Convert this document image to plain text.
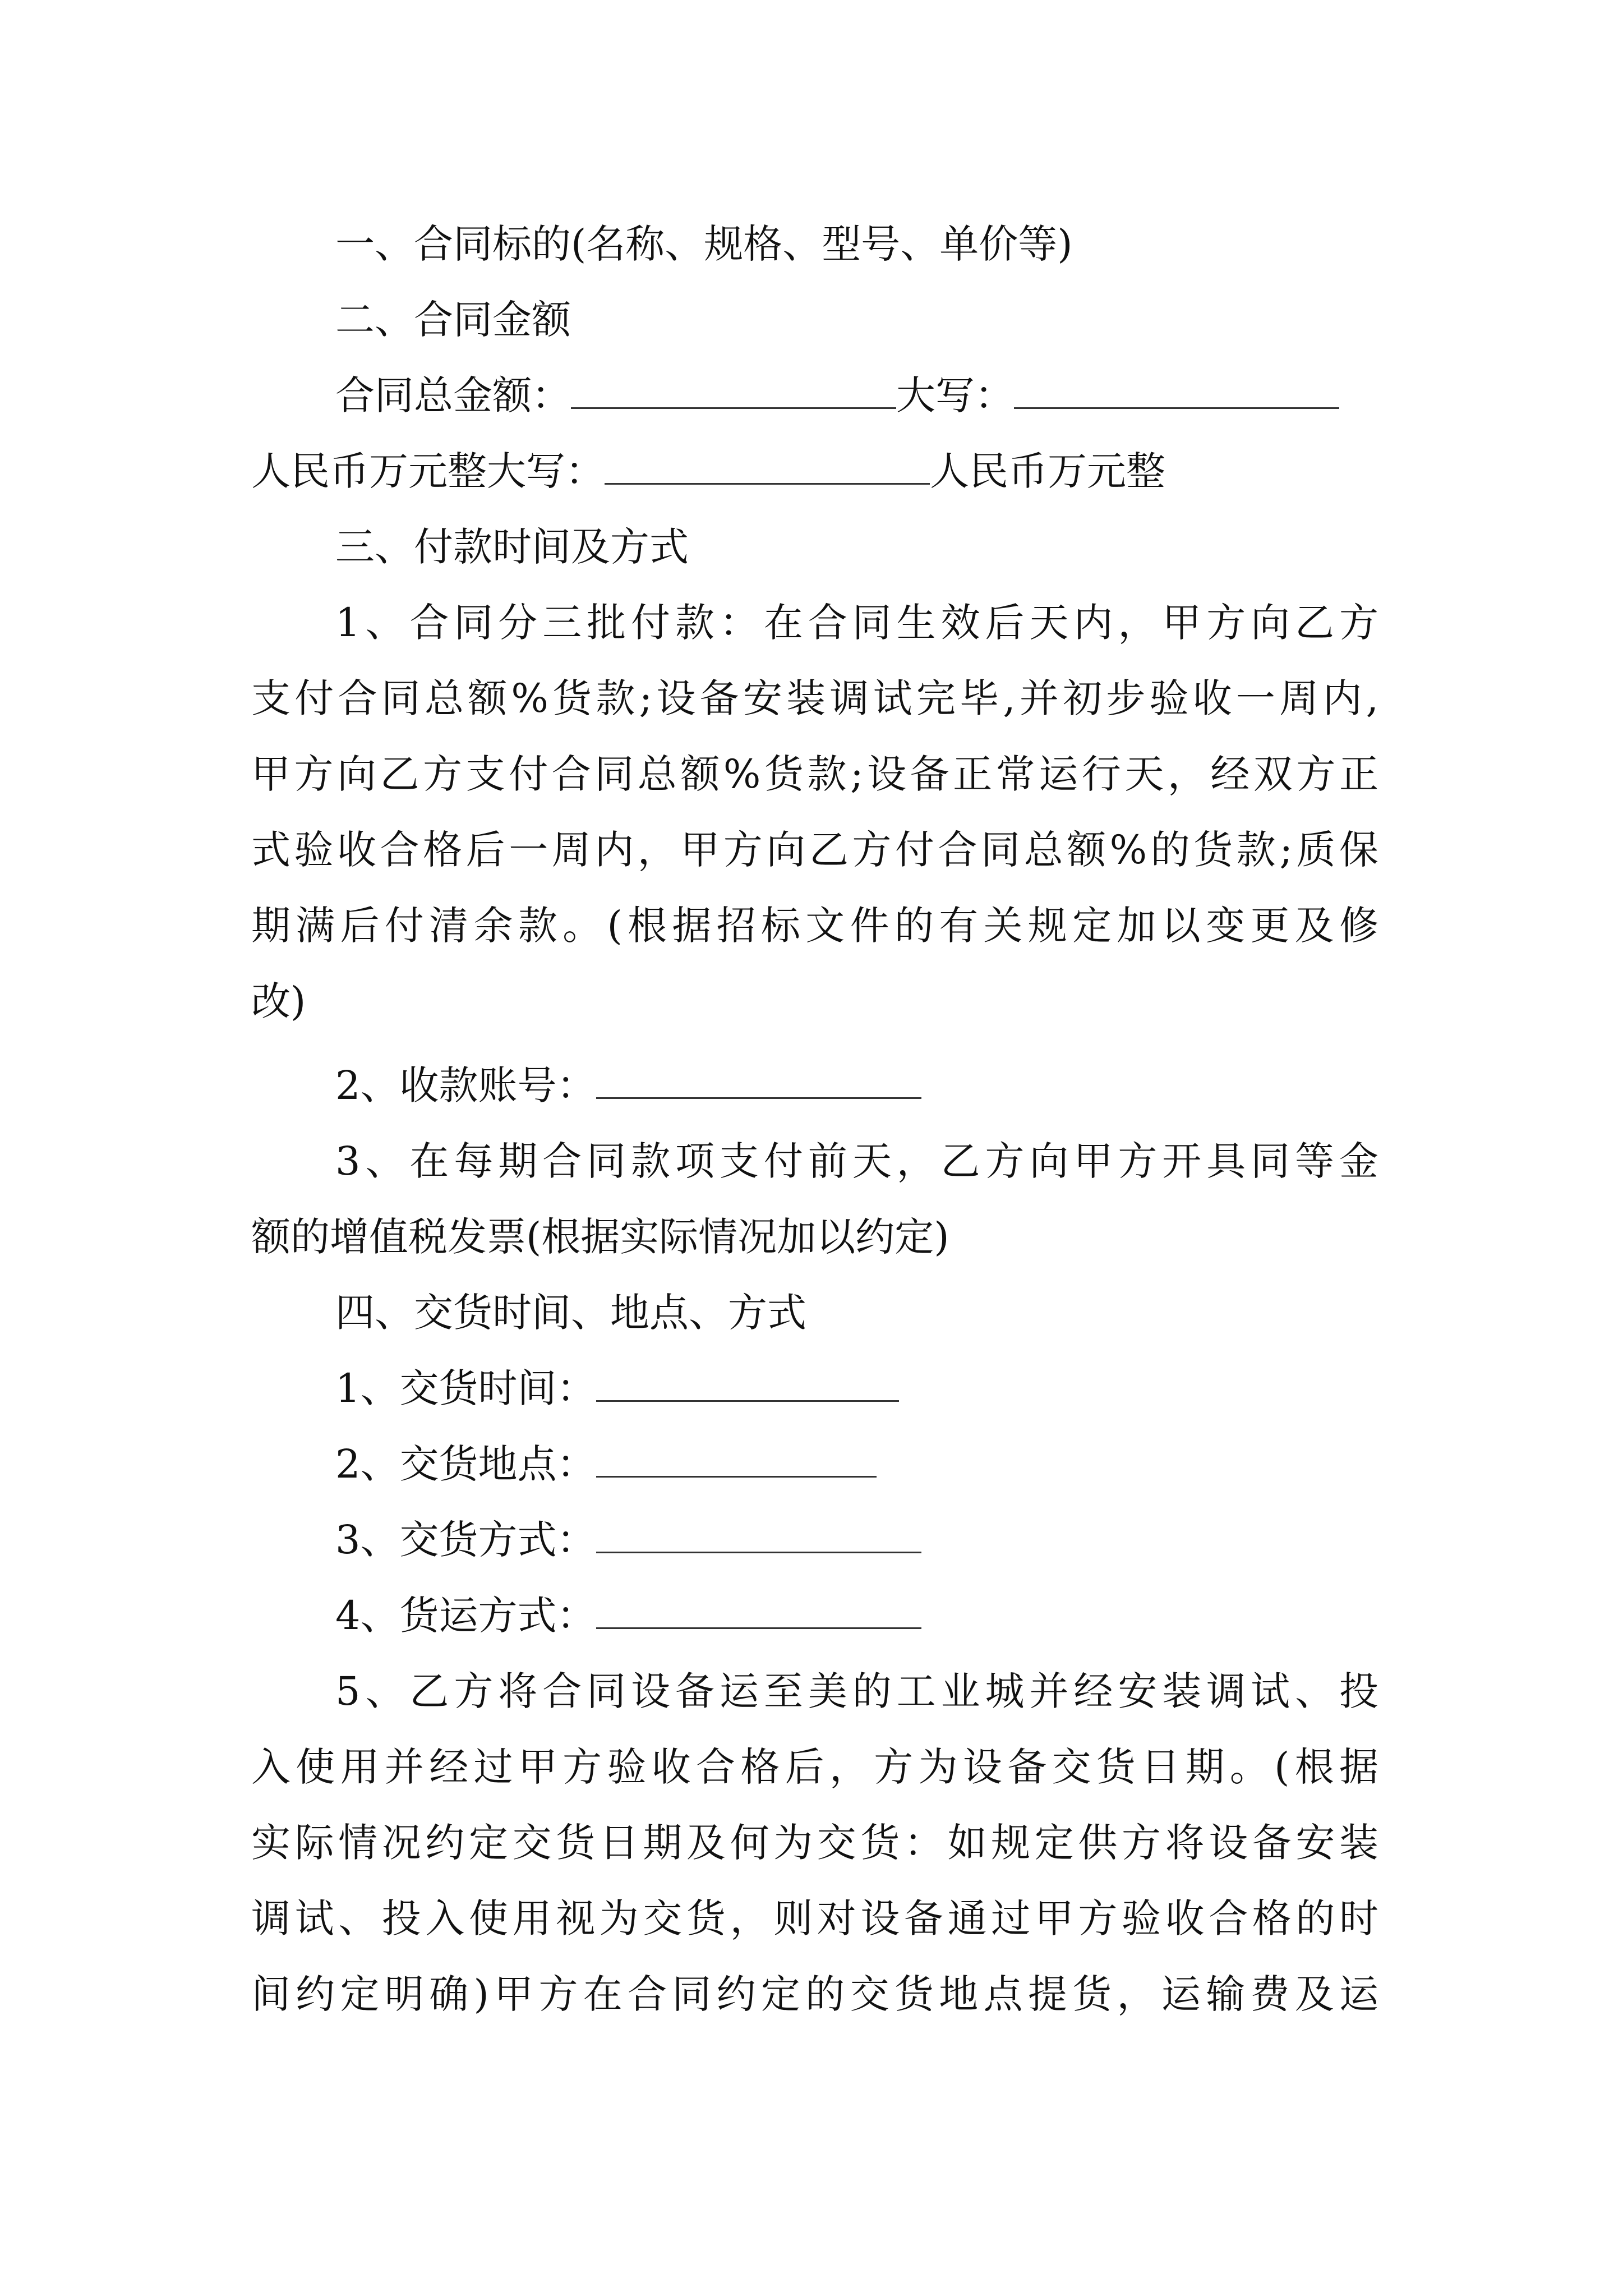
一、合同标的(名称、规格、型号、单价等)
二、合同金额
合同总金额：	大写：
人民币万元整大写：	人民币万元整
三、付款时间及方式
1、合同分三批付款：在合同生效后天内，甲方向乙方
支付合同总额%货款;设备安装调试完毕,并初步验收一周内,
甲方向乙方支付合同总额%货款;设备正常运行天，经双方正
式验收合格后一周内，甲方向乙方付合同总额%的货款;质保
期满后付清余款。(根据招标文件的有关规定加以变更及修
改)
2、收款账号：
3、在每期合同款项支付前天，乙方向甲方开具同等金
额的增值税发票(根据实际情况加以约定)
四、交货时间、地点、方式
1、交货时间：
2、交货地点：
3、交货方式：
4、货运方式：
5、乙方将合同设备运至美的工业城并经安装调试、投
入使用并经过甲方验收合格后，方为设备交货日期。(根据
实际情况约定交货日期及何为交货：如规定供方将设备安装
调试、投入使用视为交货，则对设备通过甲方验收合格的时
间约定明确)甲方在合同约定的交货地点提货，运输费及运
